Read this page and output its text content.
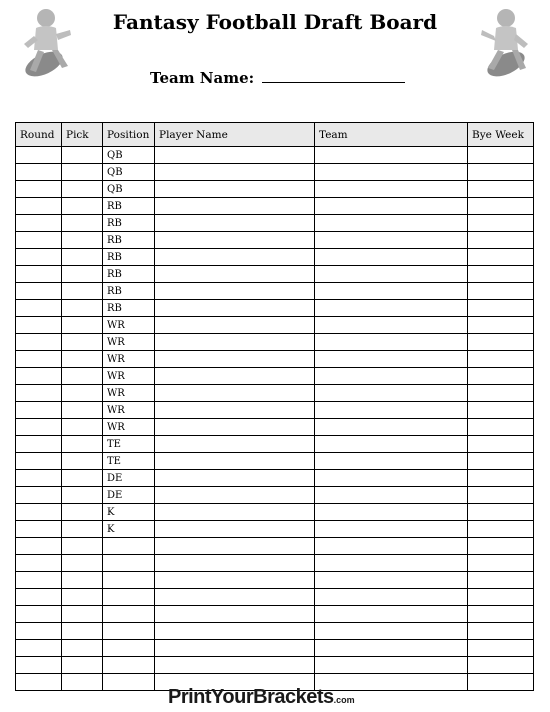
Fantasy Football Draft Board
Team Name:
Round	Pick	Position	Player Name	Team	Bye Week
		QB			
		QB			
		QB			
		RB			
		RB			
		RB			
		RB			
		RB			
		RB			
		RB			
		WR			
		WR			
		WR			
		WR			
		WR			
		WR			
		WR			
		TE			
		TE			
		DE			
		DE			
		K			
		K			

PrintYourBrackets.com
